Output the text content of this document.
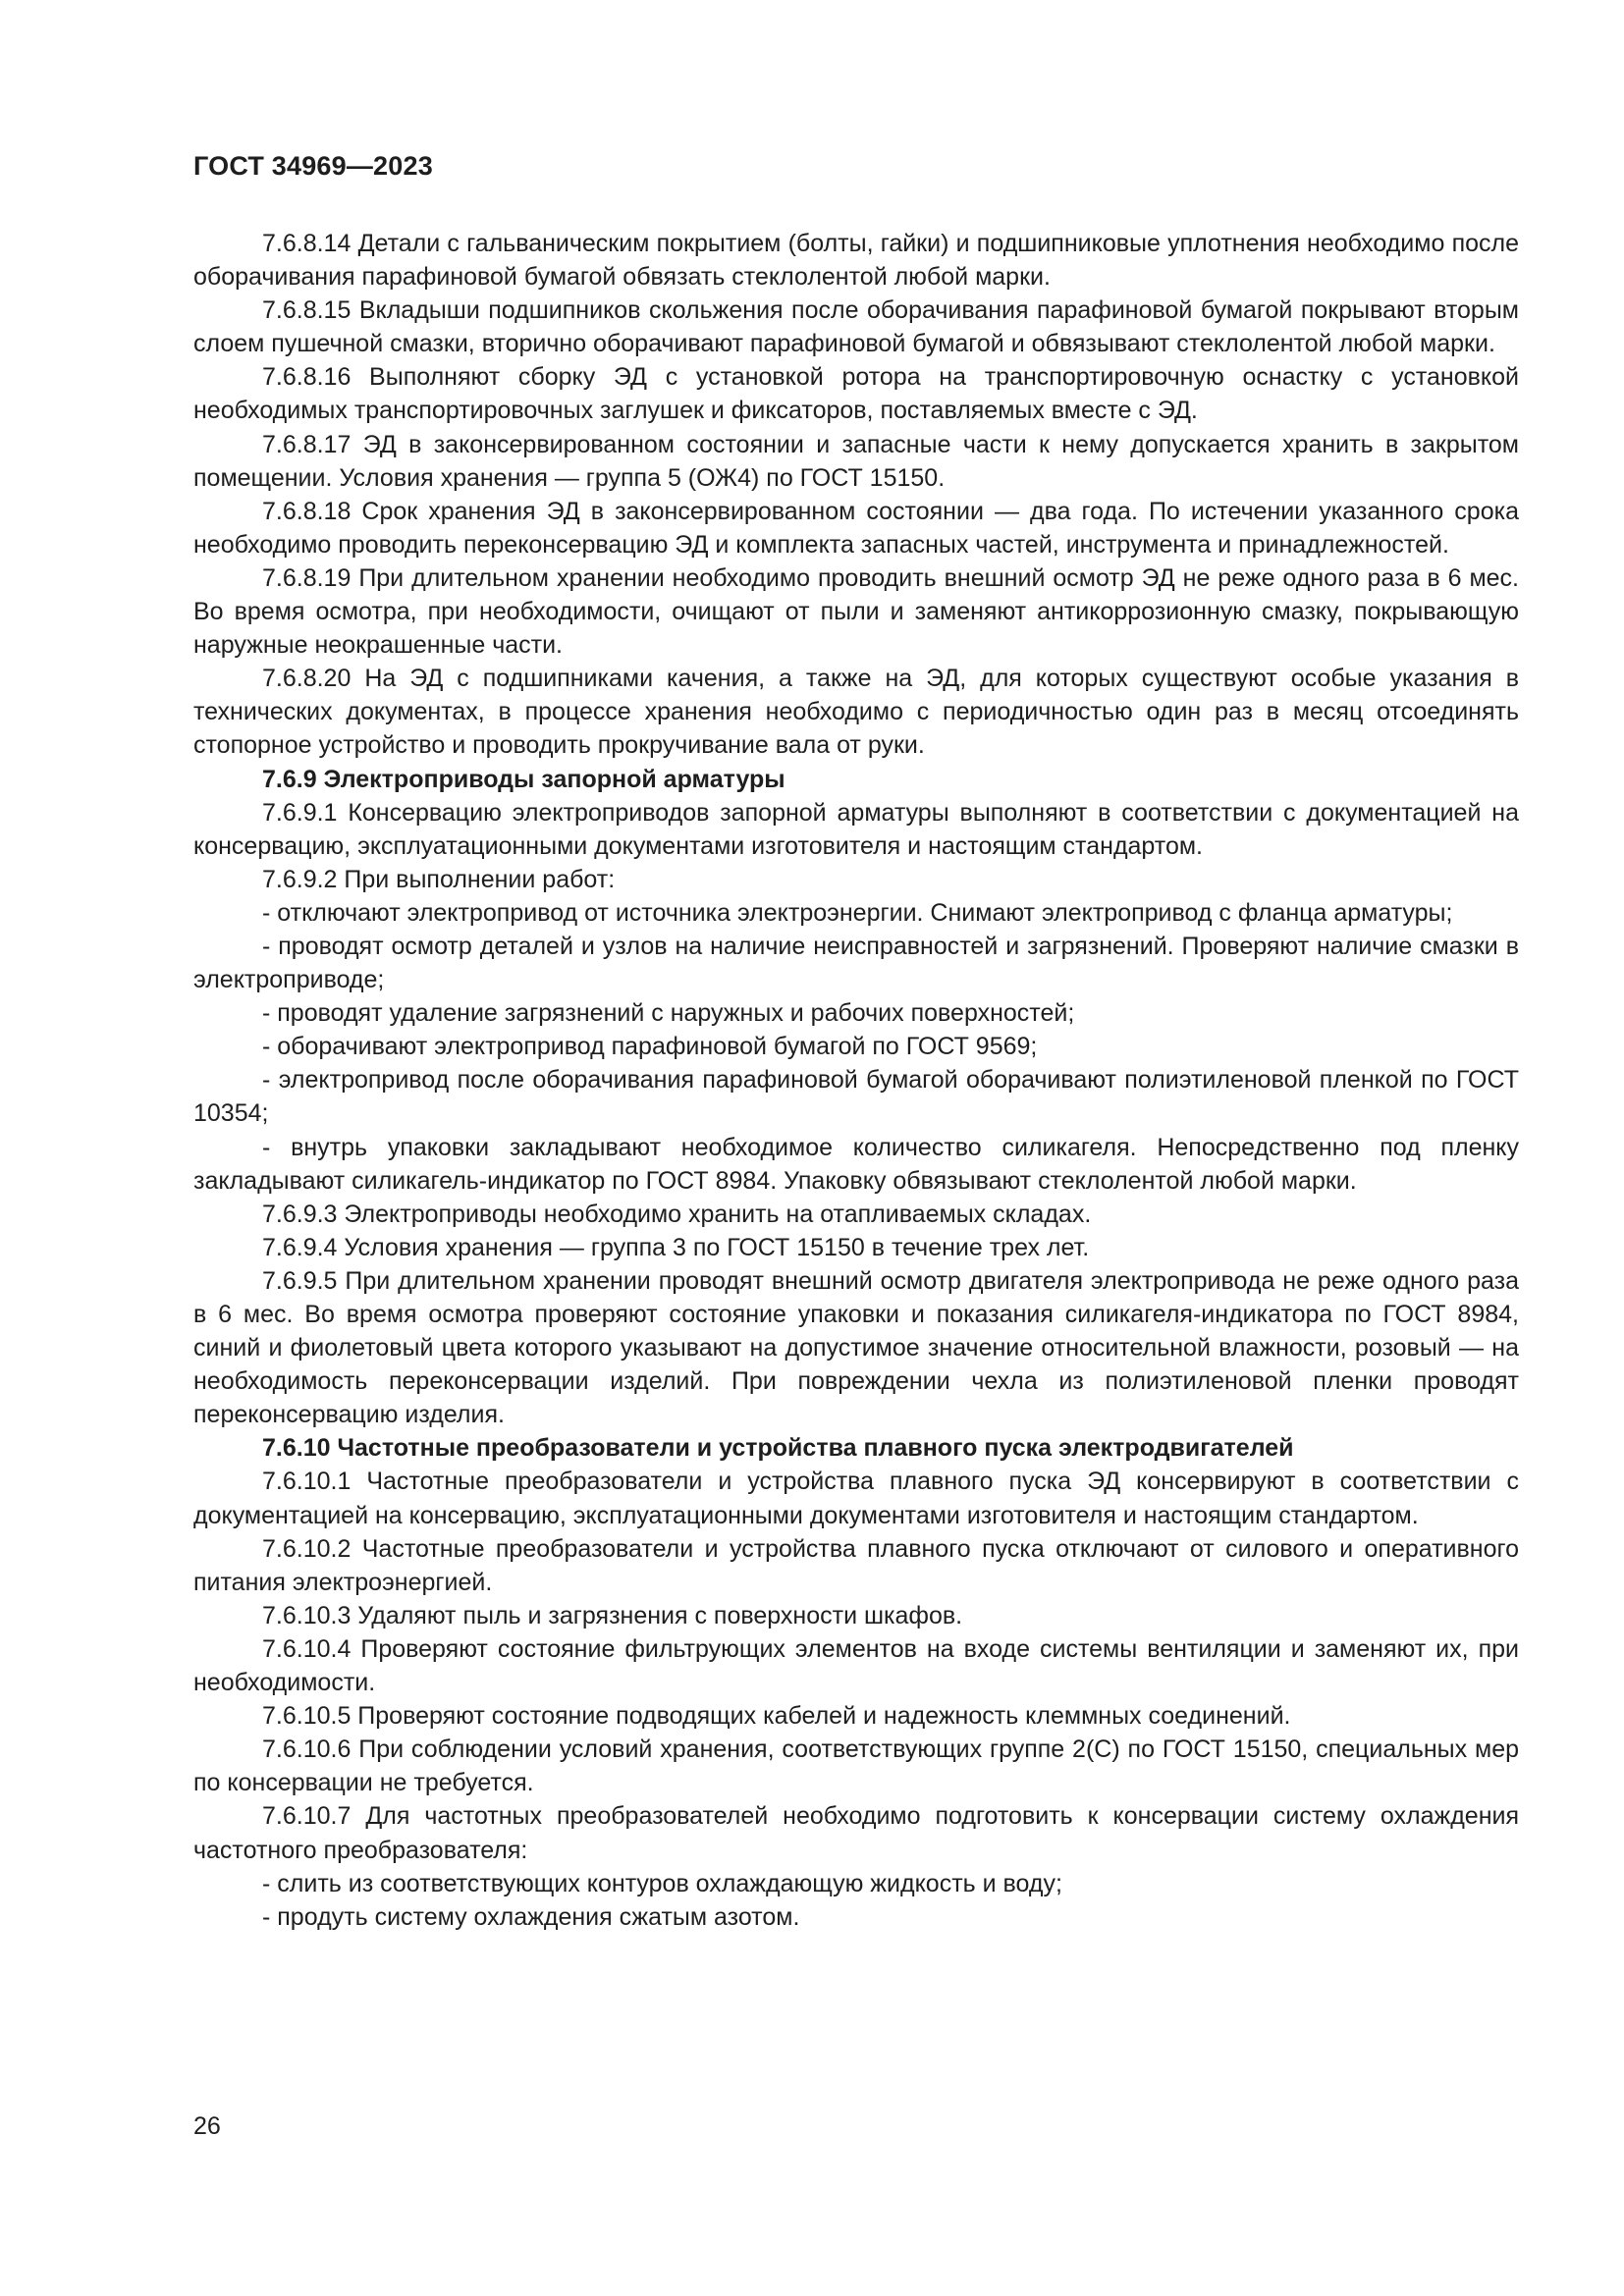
ГОСТ 34969—2023

7.6.8.14 Детали с гальваническим покрытием (болты, гайки) и подшипниковые уплотнения необходимо после оборачивания парафиновой бумагой обвязать стеклолентой любой марки.

7.6.8.15 Вкладыши подшипников скольжения после оборачивания парафиновой бумагой покрывают вторым слоем пушечной смазки, вторично оборачивают парафиновой бумагой и обвязывают стеклолентой любой марки.

7.6.8.16 Выполняют сборку ЭД с установкой ротора на транспортировочную оснастку с установкой необходимых транспортировочных заглушек и фиксаторов, поставляемых вместе с ЭД.

7.6.8.17 ЭД в законсервированном состоянии и запасные части к нему допускается хранить в закрытом помещении. Условия хранения — группа 5 (ОЖ4) по ГОСТ 15150.

7.6.8.18 Срок хранения ЭД в законсервированном состоянии — два года. По истечении указанного срока необходимо проводить переконсервацию ЭД и комплекта запасных частей, инструмента и принадлежностей.

7.6.8.19 При длительном хранении необходимо проводить внешний осмотр ЭД не реже одного раза в 6 мес. Во время осмотра, при необходимости, очищают от пыли и заменяют антикоррозионную смазку, покрывающую наружные неокрашенные части.

7.6.8.20 На ЭД с подшипниками качения, а также на ЭД, для которых существуют особые указания в технических документах, в процессе хранения необходимо с периодичностью один раз в месяц отсоединять стопорное устройство и проводить прокручивание вала от руки.

7.6.9 Электроприводы запорной арматуры

7.6.9.1 Консервацию электроприводов запорной арматуры выполняют в соответствии с документацией на консервацию, эксплуатационными документами изготовителя и настоящим стандартом.

7.6.9.2 При выполнении работ:

- отключают электропривод от источника электроэнергии. Снимают электропривод с фланца арматуры;

- проводят осмотр деталей и узлов на наличие неисправностей и загрязнений. Проверяют наличие смазки в электроприводе;

- проводят удаление загрязнений с наружных и рабочих поверхностей;

- оборачивают электропривод парафиновой бумагой по ГОСТ 9569;

- электропривод после оборачивания парафиновой бумагой оборачивают полиэтиленовой пленкой по ГОСТ 10354;

- внутрь упаковки закладывают необходимое количество силикагеля. Непосредственно под пленку закладывают силикагель-индикатор по ГОСТ 8984. Упаковку обвязывают стеклолентой любой марки.

7.6.9.3 Электроприводы необходимо хранить на отапливаемых складах.

7.6.9.4 Условия хранения — группа 3 по ГОСТ 15150 в течение трех лет.

7.6.9.5 При длительном хранении проводят внешний осмотр двигателя электропривода не реже одного раза в 6 мес. Во время осмотра проверяют состояние упаковки и показания силикагеля-индикатора по ГОСТ 8984, синий и фиолетовый цвета которого указывают на допустимое значение относительной влажности, розовый — на необходимость переконсервации изделий. При повреждении чехла из полиэтиленовой пленки проводят переконсервацию изделия.

7.6.10 Частотные преобразователи и устройства плавного пуска электродвигателей

7.6.10.1 Частотные преобразователи и устройства плавного пуска ЭД консервируют в соответствии с документацией на консервацию, эксплуатационными документами изготовителя и настоящим стандартом.

7.6.10.2 Частотные преобразователи и устройства плавного пуска отключают от силового и оперативного питания электроэнергией.

7.6.10.3 Удаляют пыль и загрязнения с поверхности шкафов.

7.6.10.4 Проверяют состояние фильтрующих элементов на входе системы вентиляции и заменяют их, при необходимости.

7.6.10.5 Проверяют состояние подводящих кабелей и надежность клеммных соединений.

7.6.10.6 При соблюдении условий хранения, соответствующих группе 2(С) по ГОСТ 15150, специальных мер по консервации не требуется.

7.6.10.7 Для частотных преобразователей необходимо подготовить к консервации систему охлаждения частотного преобразователя:

- слить из соответствующих контуров охлаждающую жидкость и воду;

- продуть систему охлаждения сжатым азотом.

26
